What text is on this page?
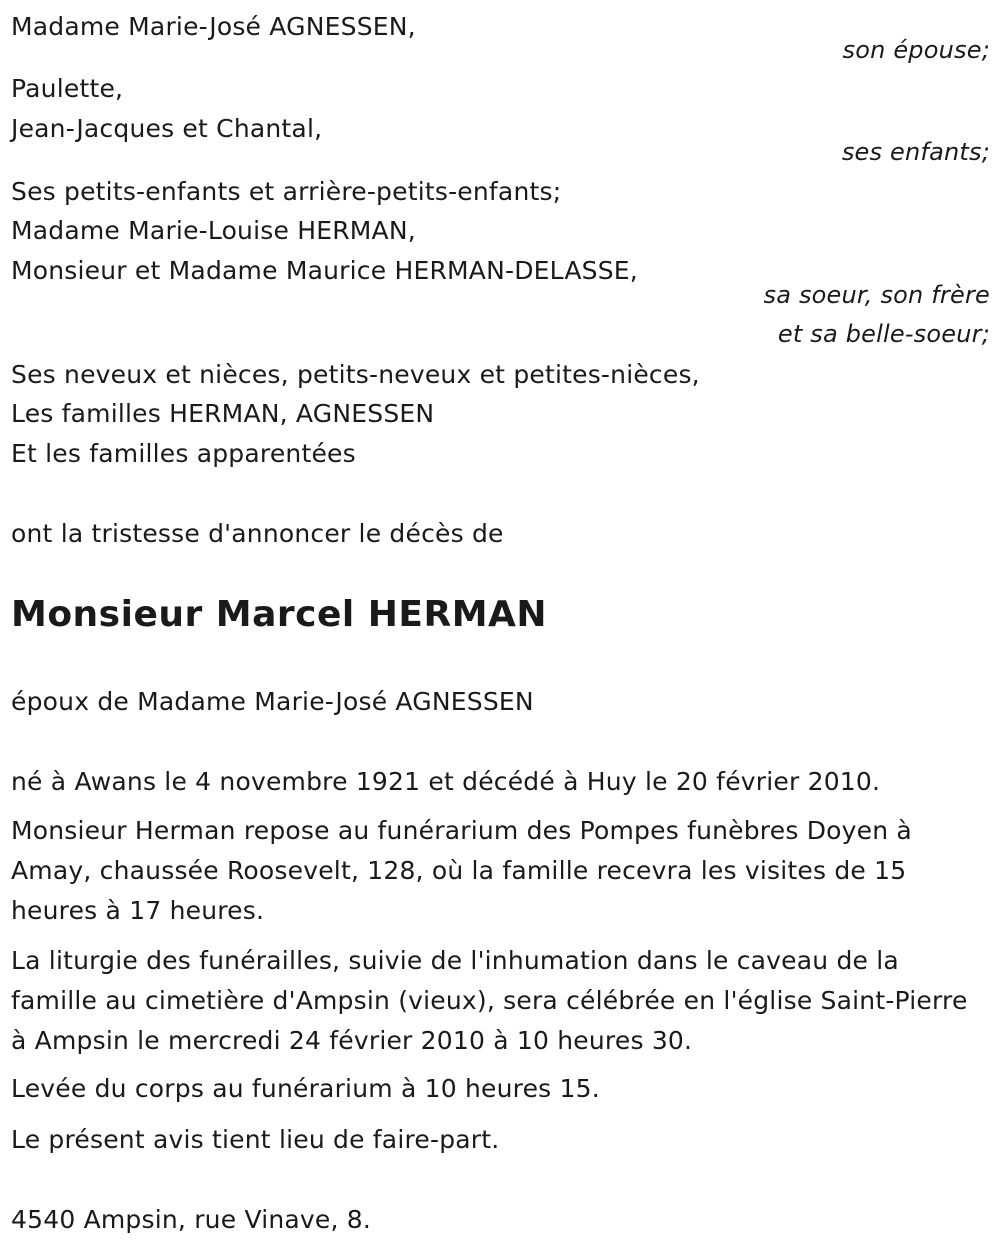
Madame Marie-José AGNESSEN,
son épouse;
Paulette,
Jean-Jacques et Chantal,
ses enfants;
Ses petits-enfants et arrière-petits-enfants;
Madame Marie-Louise HERMAN,
Monsieur et Madame Maurice HERMAN-DELASSE,
sa soeur, son frère
et sa belle-soeur;
Ses neveux et nièces, petits-neveux et petites-nièces,
Les familles HERMAN, AGNESSEN
Et les familles apparentées
ont la tristesse d'annoncer le décès de
Monsieur Marcel HERMAN
époux de Madame Marie-José AGNESSEN
né à Awans le 4 novembre 1921 et décédé à Huy le 20 février 2010.
Monsieur Herman repose au funérarium des Pompes funèbres Doyen à Amay, chaussée Roosevelt, 128, où la famille recevra les visites de 15 heures à 17 heures.
La liturgie des funérailles, suivie de l'inhumation dans le caveau de la famille au cimetière d'Ampsin (vieux), sera célébrée en l'église Saint-Pierre à Ampsin le mercredi 24 février 2010 à 10 heures 30.
Levée du corps au funérarium à 10 heures 15.
Le présent avis tient lieu de faire-part.
4540 Ampsin, rue Vinave, 8.
